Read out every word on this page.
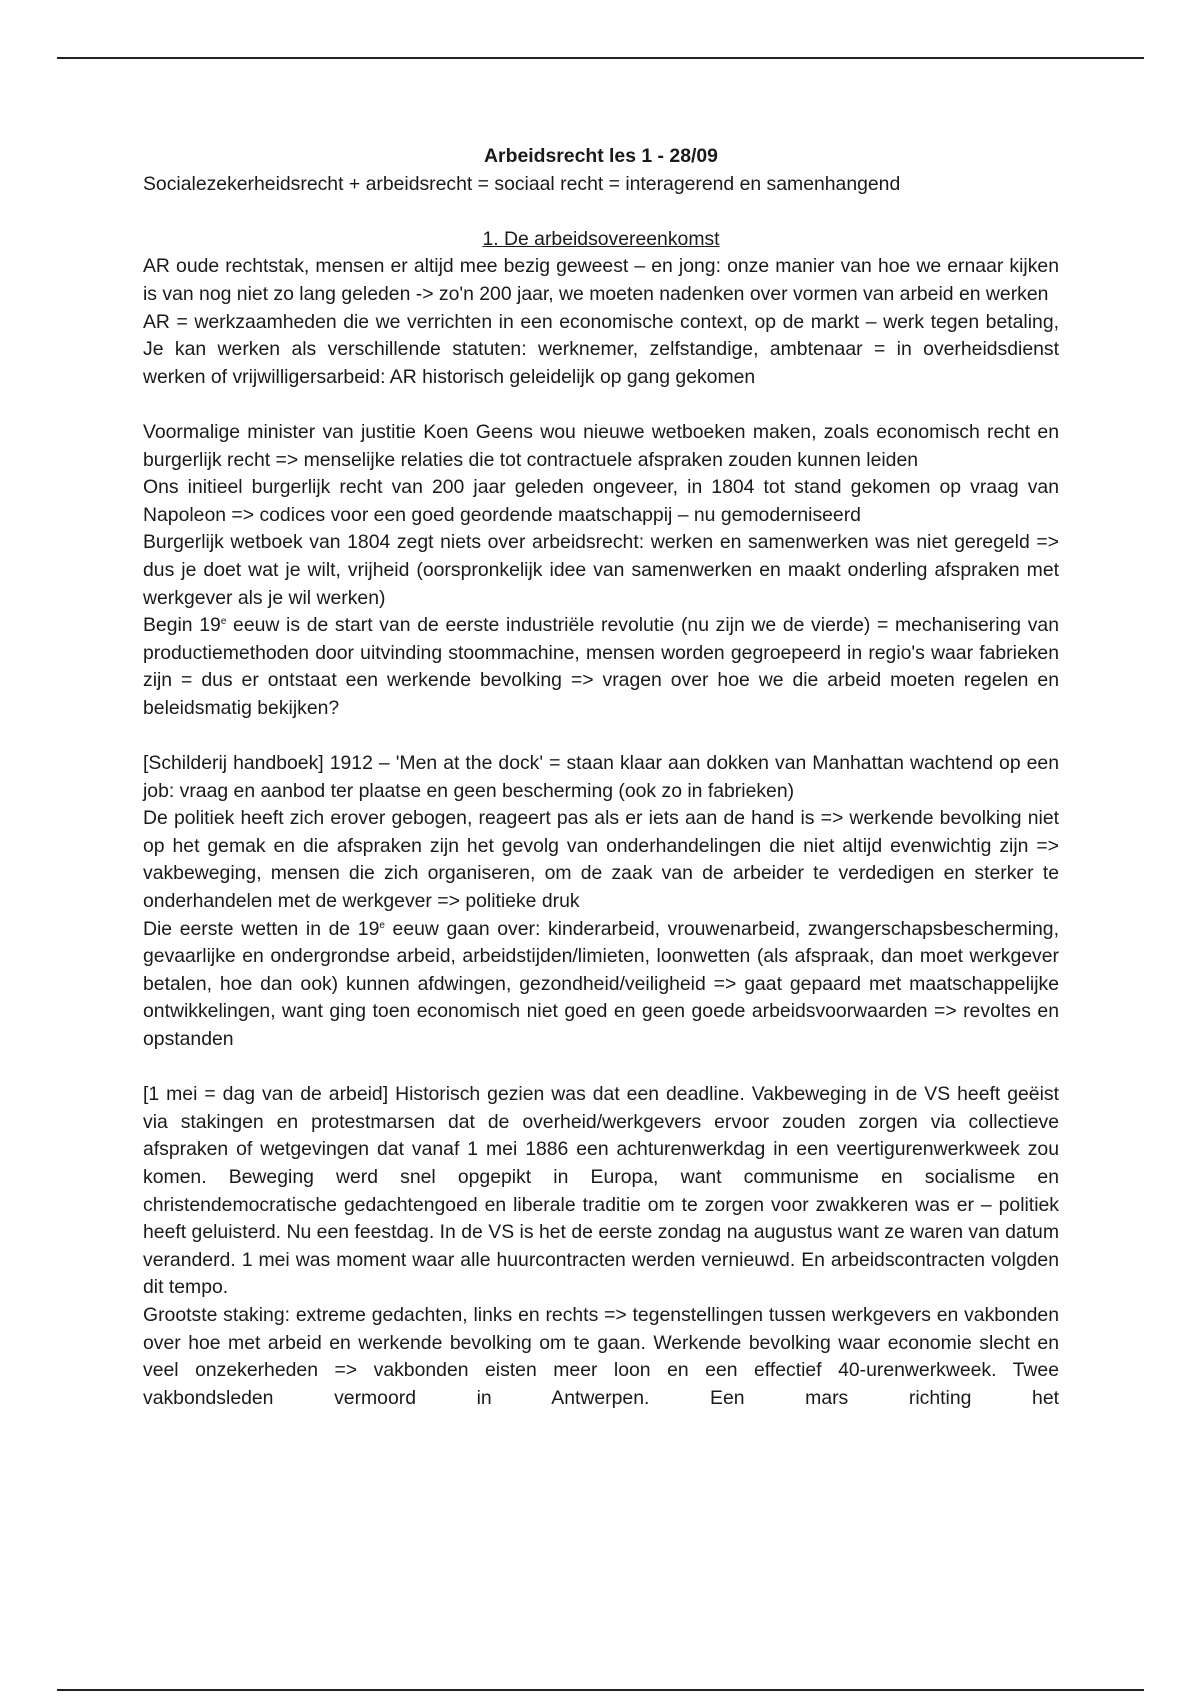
Arbeidsrecht les 1 - 28/09

Socialezekerheidsrecht + arbeidsrecht = sociaal recht = interagerend en samenhangend

1. De arbeidsovereenkomst

AR oude rechtstak, mensen er altijd mee bezig geweest – en jong: onze manier van hoe we ernaar kijken is van nog niet zo lang geleden -> zo'n 200 jaar, we moeten nadenken over vormen van arbeid en werken

AR = werkzaamheden die we verrichten in een economische context, op de markt – werk tegen betaling, Je kan werken als verschillende statuten: werknemer, zelfstandige, ambtenaar = in overheidsdienst werken of vrijwilligersarbeid: AR historisch geleidelijk op gang gekomen

Voormalige minister van justitie Koen Geens wou nieuwe wetboeken maken, zoals economisch recht en burgerlijk recht => menselijke relaties die tot contractuele afspraken zouden kunnen leiden

Ons initieel burgerlijk recht van 200 jaar geleden ongeveer, in 1804 tot stand gekomen op vraag van Napoleon => codices voor een goed geordende maatschappij – nu gemoderniseerd

Burgerlijk wetboek van 1804 zegt niets over arbeidsrecht: werken en samenwerken was niet geregeld => dus je doet wat je wilt, vrijheid (oorspronkelijk idee van samenwerken en maakt onderling afspraken met werkgever als je wil werken)

Begin 19e eeuw is de start van de eerste industriële revolutie (nu zijn we de vierde) = mechanisering van productiemethoden door uitvinding stoommachine, mensen worden gegroepeerd in regio's waar fabrieken zijn = dus er ontstaat een werkende bevolking => vragen over hoe we die arbeid moeten regelen en beleidsmatig bekijken?

[Schilderij handboek] 1912 – 'Men at the dock' = staan klaar aan dokken van Manhattan wachtend op een job: vraag en aanbod ter plaatse en geen bescherming (ook zo in fabrieken)

De politiek heeft zich erover gebogen, reageert pas als er iets aan de hand is => werkende bevolking niet op het gemak en die afspraken zijn het gevolg van onderhandelingen die niet altijd evenwichtig zijn => vakbeweging, mensen die zich organiseren, om de zaak van de arbeider te verdedigen en sterker te onderhandelen met de werkgever => politieke druk

Die eerste wetten in de 19e eeuw gaan over: kinderarbeid, vrouwenarbeid, zwangerschapsbescherming, gevaarlijke en ondergrondse arbeid, arbeidstijden/limieten, loonwetten (als afspraak, dan moet werkgever betalen, hoe dan ook) kunnen afdwingen, gezondheid/veiligheid => gaat gepaard met maatschappelijke ontwikkelingen, want ging toen economisch niet goed en geen goede arbeidsvoorwaarden => revoltes en opstanden

[1 mei = dag van de arbeid] Historisch gezien was dat een deadline. Vakbeweging in de VS heeft geëist via stakingen en protestmarsen dat de overheid/werkgevers ervoor zouden zorgen via collectieve afspraken of wetgevingen dat vanaf 1 mei 1886 een achturenwerkdag in een veertigurenwerkweek zou komen. Beweging werd snel opgepikt in Europa, want communisme en socialisme en christendemocratische gedachtengoed en liberale traditie om te zorgen voor zwakkeren was er – politiek heeft geluisterd. Nu een feestdag. In de VS is het de eerste zondag na augustus want ze waren van datum veranderd. 1 mei was moment waar alle huurcontracten werden vernieuwd. En arbeidscontracten volgden dit tempo.

Grootste staking: extreme gedachten, links en rechts => tegenstellingen tussen werkgevers en vakbonden over hoe met arbeid en werkende bevolking om te gaan. Werkende bevolking waar economie slecht en veel onzekerheden => vakbonden eisten meer loon en een effectief 40-urenwerkweek. Twee vakbondsleden vermoord in Antwerpen. Een mars richting het
